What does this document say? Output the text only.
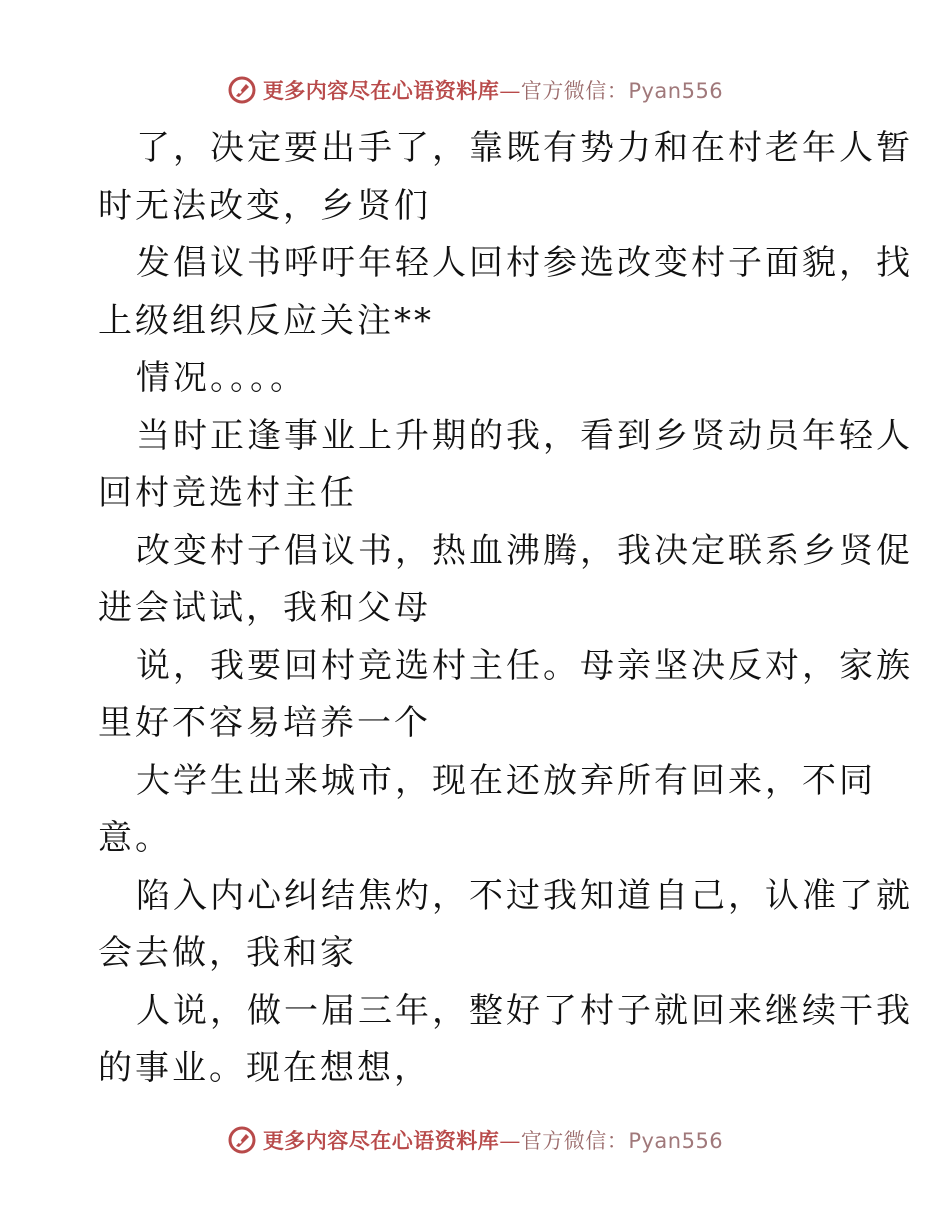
更多内容尽在心语资料库—官方微信：Pyan556
了，决定要出手了，靠既有势力和在村老年人暂
时无法改变，乡贤们
发倡议书呼吁年轻人回村参选改变村子面貌，找
上级组织反应关注**
情况。。。。
当时正逢事业上升期的我，看到乡贤动员年轻人
回村竞选村主任
改变村子倡议书，热血沸腾，我决定联系乡贤促
进会试试，我和父母
说，我要回村竞选村主任。母亲坚决反对，家族
里好不容易培养一个
大学生出来城市，现在还放弃所有回来，不同
意。
陷入内心纠结焦灼，不过我知道自己，认准了就
会去做，我和家
人说，做一届三年，整好了村子就回来继续干我
的事业。现在想想，
更多内容尽在心语资料库—官方微信：Pyan556
